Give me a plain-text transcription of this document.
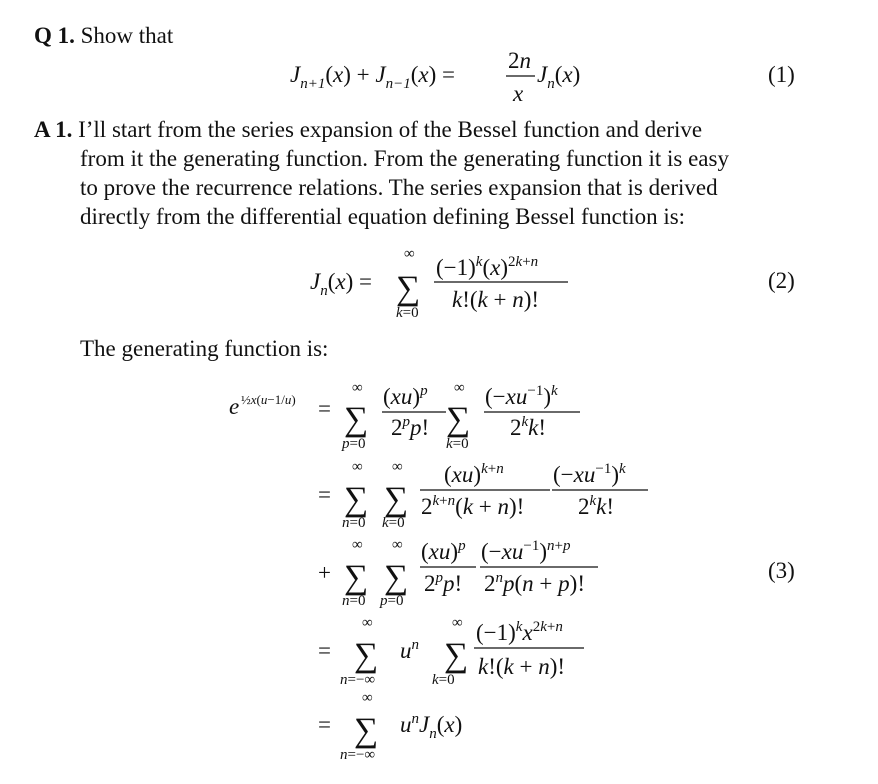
Q 1. Show that
$J_{n+1}(x) + J_{n-1}(x)$ =
2n
x
$J_n(x)$	(1)
A 1. I’ll start from the series expansion of the Bessel function and derive
from it the generating function. From the generating function it is easy
to prove the recurrence relations. The series expansion that is derived
directly from the differential equation defining Bessel function is:
$J_n(x)$ =
∞
∑
k=0
$(-1)^k(x)^2k+n$
k!(k + n)!
(2)
The generating function is:
e ½x(u−1/u) =
∞
∑
p=0
(xu)$^p$
2$^p$p!
∞
∑
k=0
$(-xu^{-1})^k$
$2^kk$!
=
∞
∑
n=0
∞
∑
k=0
(xu)$^k$+n
$2^k+n(k + n)$!
$(-xu^{-1})^k$
$2^kk$!
+
∞
∑
n=0
∞
∑
p=0
(xu)$^p$
2$^p$p!
$(-xu^{-1})^n+p$
$2^np(n + p)$!
=
∞
∑
n=−∞
$u^n$
∞
∑
k=0
$(-1)^kx^2k+n$
k!(k + n)!
=
∞
∑
n=−∞
$u^nJ_n(x)$
(3)
